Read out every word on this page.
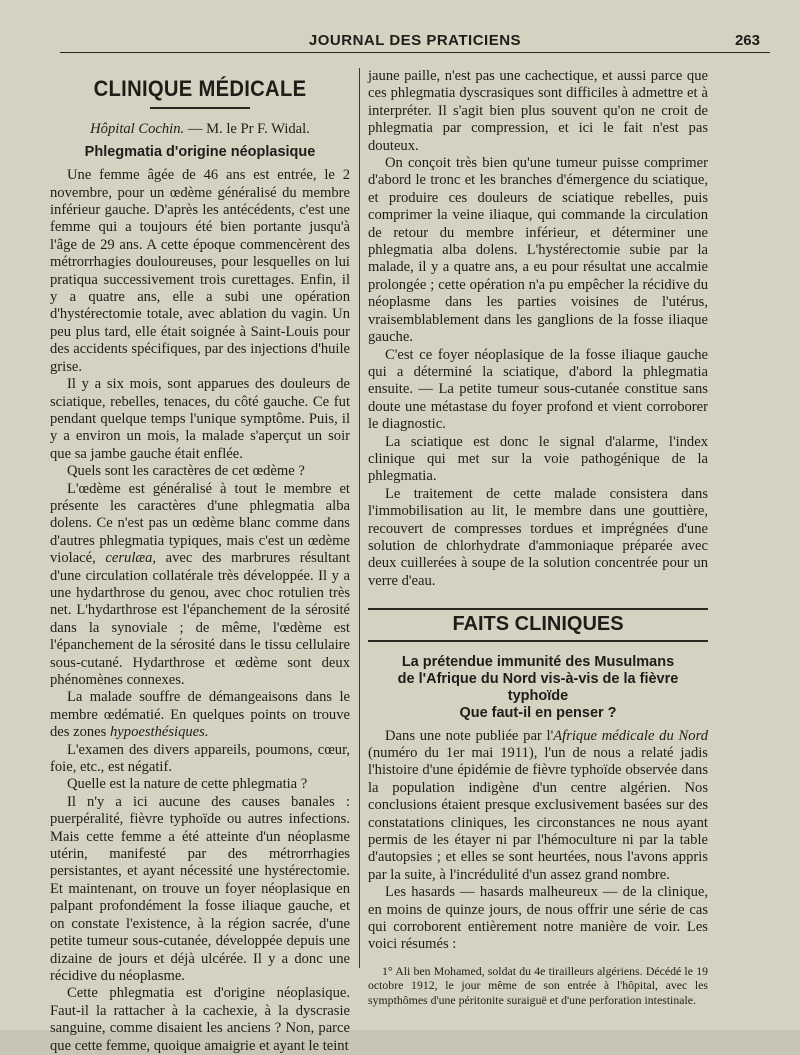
JOURNAL DES PRATICIENS	263
CLINIQUE MÉDICALE
Hôpital Cochin. — M. le Pr F. Widal.
Phlegmatia d'origine néoplasique

Une femme âgée de 46 ans est entrée, le 2 novembre, pour un œdème généralisé du membre inférieur gauche. D'après les antécédents, c'est une femme qui a toujours été bien portante jusqu'à l'âge de 29 ans. A cette époque commencèrent des métrorrhagies douloureuses, pour lesquelles on lui pratiqua successivement trois curettages. Enfin, il y a quatre ans, elle a subi une opération d'hystérectomie totale, avec ablation du vagin. Un peu plus tard, elle était soignée à Saint-Louis pour des accidents spécifiques, par des injections d'huile grise.

Il y a six mois, sont apparues des douleurs de sciatique, rebelles, tenaces, du côté gauche. Ce fut pendant quelque temps l'unique symptôme. Puis, il y a environ un mois, la malade s'aperçut un soir que sa jambe gauche était enflée.

Quels sont les caractères de cet œdème ?

L'œdème est généralisé à tout le membre et présente les caractères d'une phlegmatia alba dolens. Ce n'est pas un œdème blanc comme dans d'autres phlegmatia typiques, mais c'est un œdème violacé, cerulæa, avec des marbrures résultant d'une circulation collatérale très développée. Il y a une hydarthrose du genou, avec choc rotulien très net. L'hydarthrose est l'épanchement de la sérosité dans la synoviale ; de même, l'œdème est l'épanchement de la sérosité dans le tissu cellulaire sous-cutané. Hydarthrose et œdème sont deux phénomènes connexes.

La malade souffre de démangeaisons dans le membre œdématié. En quelques points on trouve des zones hypoesthésiques.

L'examen des divers appareils, poumons, cœur, foie, etc., est négatif.

Quelle est la nature de cette phlegmatia ?

Il n'y a ici aucune des causes banales : puerpéralité, fièvre typhoïde ou autres infections. Mais cette femme a été atteinte d'un néoplasme utérin, manifesté par des métrorrhagies persistantes, et ayant nécessité une hystérectomie. Et maintenant, on trouve un foyer néoplasique en palpant profondément la fosse iliaque gauche, et on constate l'existence, à la région sacrée, d'une petite tumeur sous-cutanée, développée depuis une dizaine de jours et déjà ulcérée. Il y a donc une récidive du néoplasme.

Cette phlegmatia est d'origine néoplasique. Faut-il la rattacher à la cachexie, à la dyscrasie sanguine, comme disaient les anciens ? Non, parce que cette femme, quoique amaigrie et ayant le teint

jaune paille, n'est pas une cachectique, et aussi parce que ces phlegmatia dyscrasiques sont difficiles à admettre et à interpréter. Il s'agit bien plus souvent qu'on ne croit de phlegmatia par compression, et ici le fait n'est pas douteux.

On conçoit très bien qu'une tumeur puisse comprimer d'abord le tronc et les branches d'émergence du sciatique, et produire ces douleurs de sciatique rebelles, puis comprimer la veine iliaque, qui commande la circulation de retour du membre inférieur, et déterminer une phlegmatia alba dolens. L'hystérectomie subie par la malade, il y a quatre ans, a eu pour résultat une accalmie prolongée ; cette opération n'a pu empêcher la récidive du néoplasme dans les parties voisines de l'utérus, vraisemblablement dans les ganglions de la fosse iliaque gauche.

C'est ce foyer néoplasique de la fosse iliaque gauche qui a déterminé la sciatique, d'abord la phlegmatia ensuite. — La petite tumeur sous-cutanée constitue sans doute une métastase du foyer profond et vient corroborer le diagnostic.

La sciatique est donc le signal d'alarme, l'index clinique qui met sur la voie pathogénique de la phlegmatia.

Le traitement de cette malade consistera dans l'immobilisation au lit, le membre dans une gouttière, recouvert de compresses tordues et imprégnées d'une solution de chlorhydrate d'ammoniaque préparée avec deux cuillerées à soupe de la solution concentrée pour un verre d'eau.

FAITS CLINIQUES
La prétendue immunité des Musulmans
de l'Afrique du Nord vis-à-vis de la fièvre typhoïde
Que faut-il en penser ?

Dans une note publiée par l'Afrique médicale du Nord (numéro du 1er mai 1911), l'un de nous a relaté jadis l'histoire d'une épidémie de fièvre typhoïde observée dans la population indigène d'un centre algérien. Nos conclusions étaient presque exclusivement basées sur des constatations cliniques, les circonstances ne nous ayant permis de les étayer ni par l'hémoculture ni par la table d'autopsies ; et elles se sont heurtées, nous l'avons appris par la suite, à l'incrédulité d'un assez grand nombre.

Les hasards — hasards malheureux — de la clinique, en moins de quinze jours, de nous offrir une série de cas qui corroborent entièrement notre manière de voir. Les voici résumés :

1° Ali ben Mohamed, soldat du 4e tirailleurs algériens. Décédé le 19 octobre 1912, le jour même de son entrée à l'hôpital, avec les sympthômes d'une péritonite suraiguë et d'une perforation intestinale.
